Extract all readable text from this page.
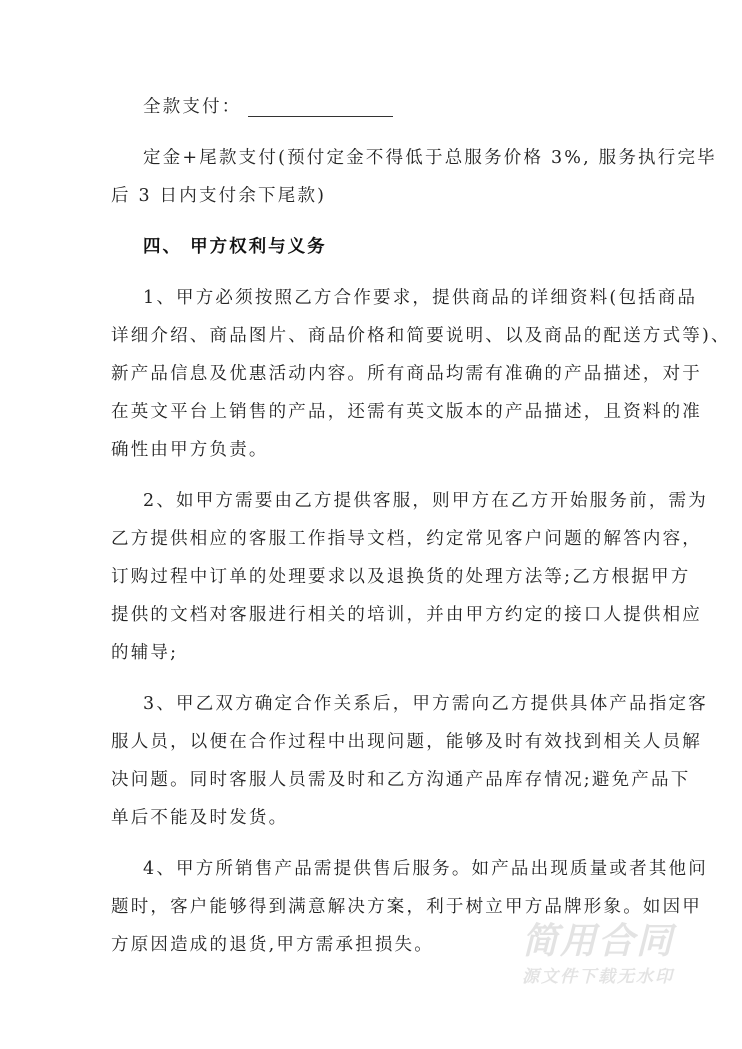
全款支付：
定金+尾款支付(预付定金不得低于总服务价格 3%, 服务执行完毕
后 3 日内支付余下尾款)
四、 甲方权利与义务
1、甲方必须按照乙方合作要求，提供商品的详细资料(包括商品
详细介绍、商品图片、商品价格和简要说明、以及商品的配送方式等)、
新产品信息及优惠活动内容。所有商品均需有准确的产品描述，对于
在英文平台上销售的产品，还需有英文版本的产品描述，且资料的准
确性由甲方负责。
2、如甲方需要由乙方提供客服，则甲方在乙方开始服务前，需为
乙方提供相应的客服工作指导文档，约定常见客户问题的解答内容，
订购过程中订单的处理要求以及退换货的处理方法等;乙方根据甲方
提供的文档对客服进行相关的培训，并由甲方约定的接口人提供相应
的辅导;
3、甲乙双方确定合作关系后，甲方需向乙方提供具体产品指定客
服人员，以便在合作过程中出现问题，能够及时有效找到相关人员解
决问题。同时客服人员需及时和乙方沟通产品库存情况;避免产品下
单后不能及时发货。
4、甲方所销售产品需提供售后服务。如产品出现质量或者其他问
题时，客户能够得到满意解决方案，利于树立甲方品牌形象。如因甲
方原因造成的退货,甲方需承担损失。	简用合同
源文件下载无水印
